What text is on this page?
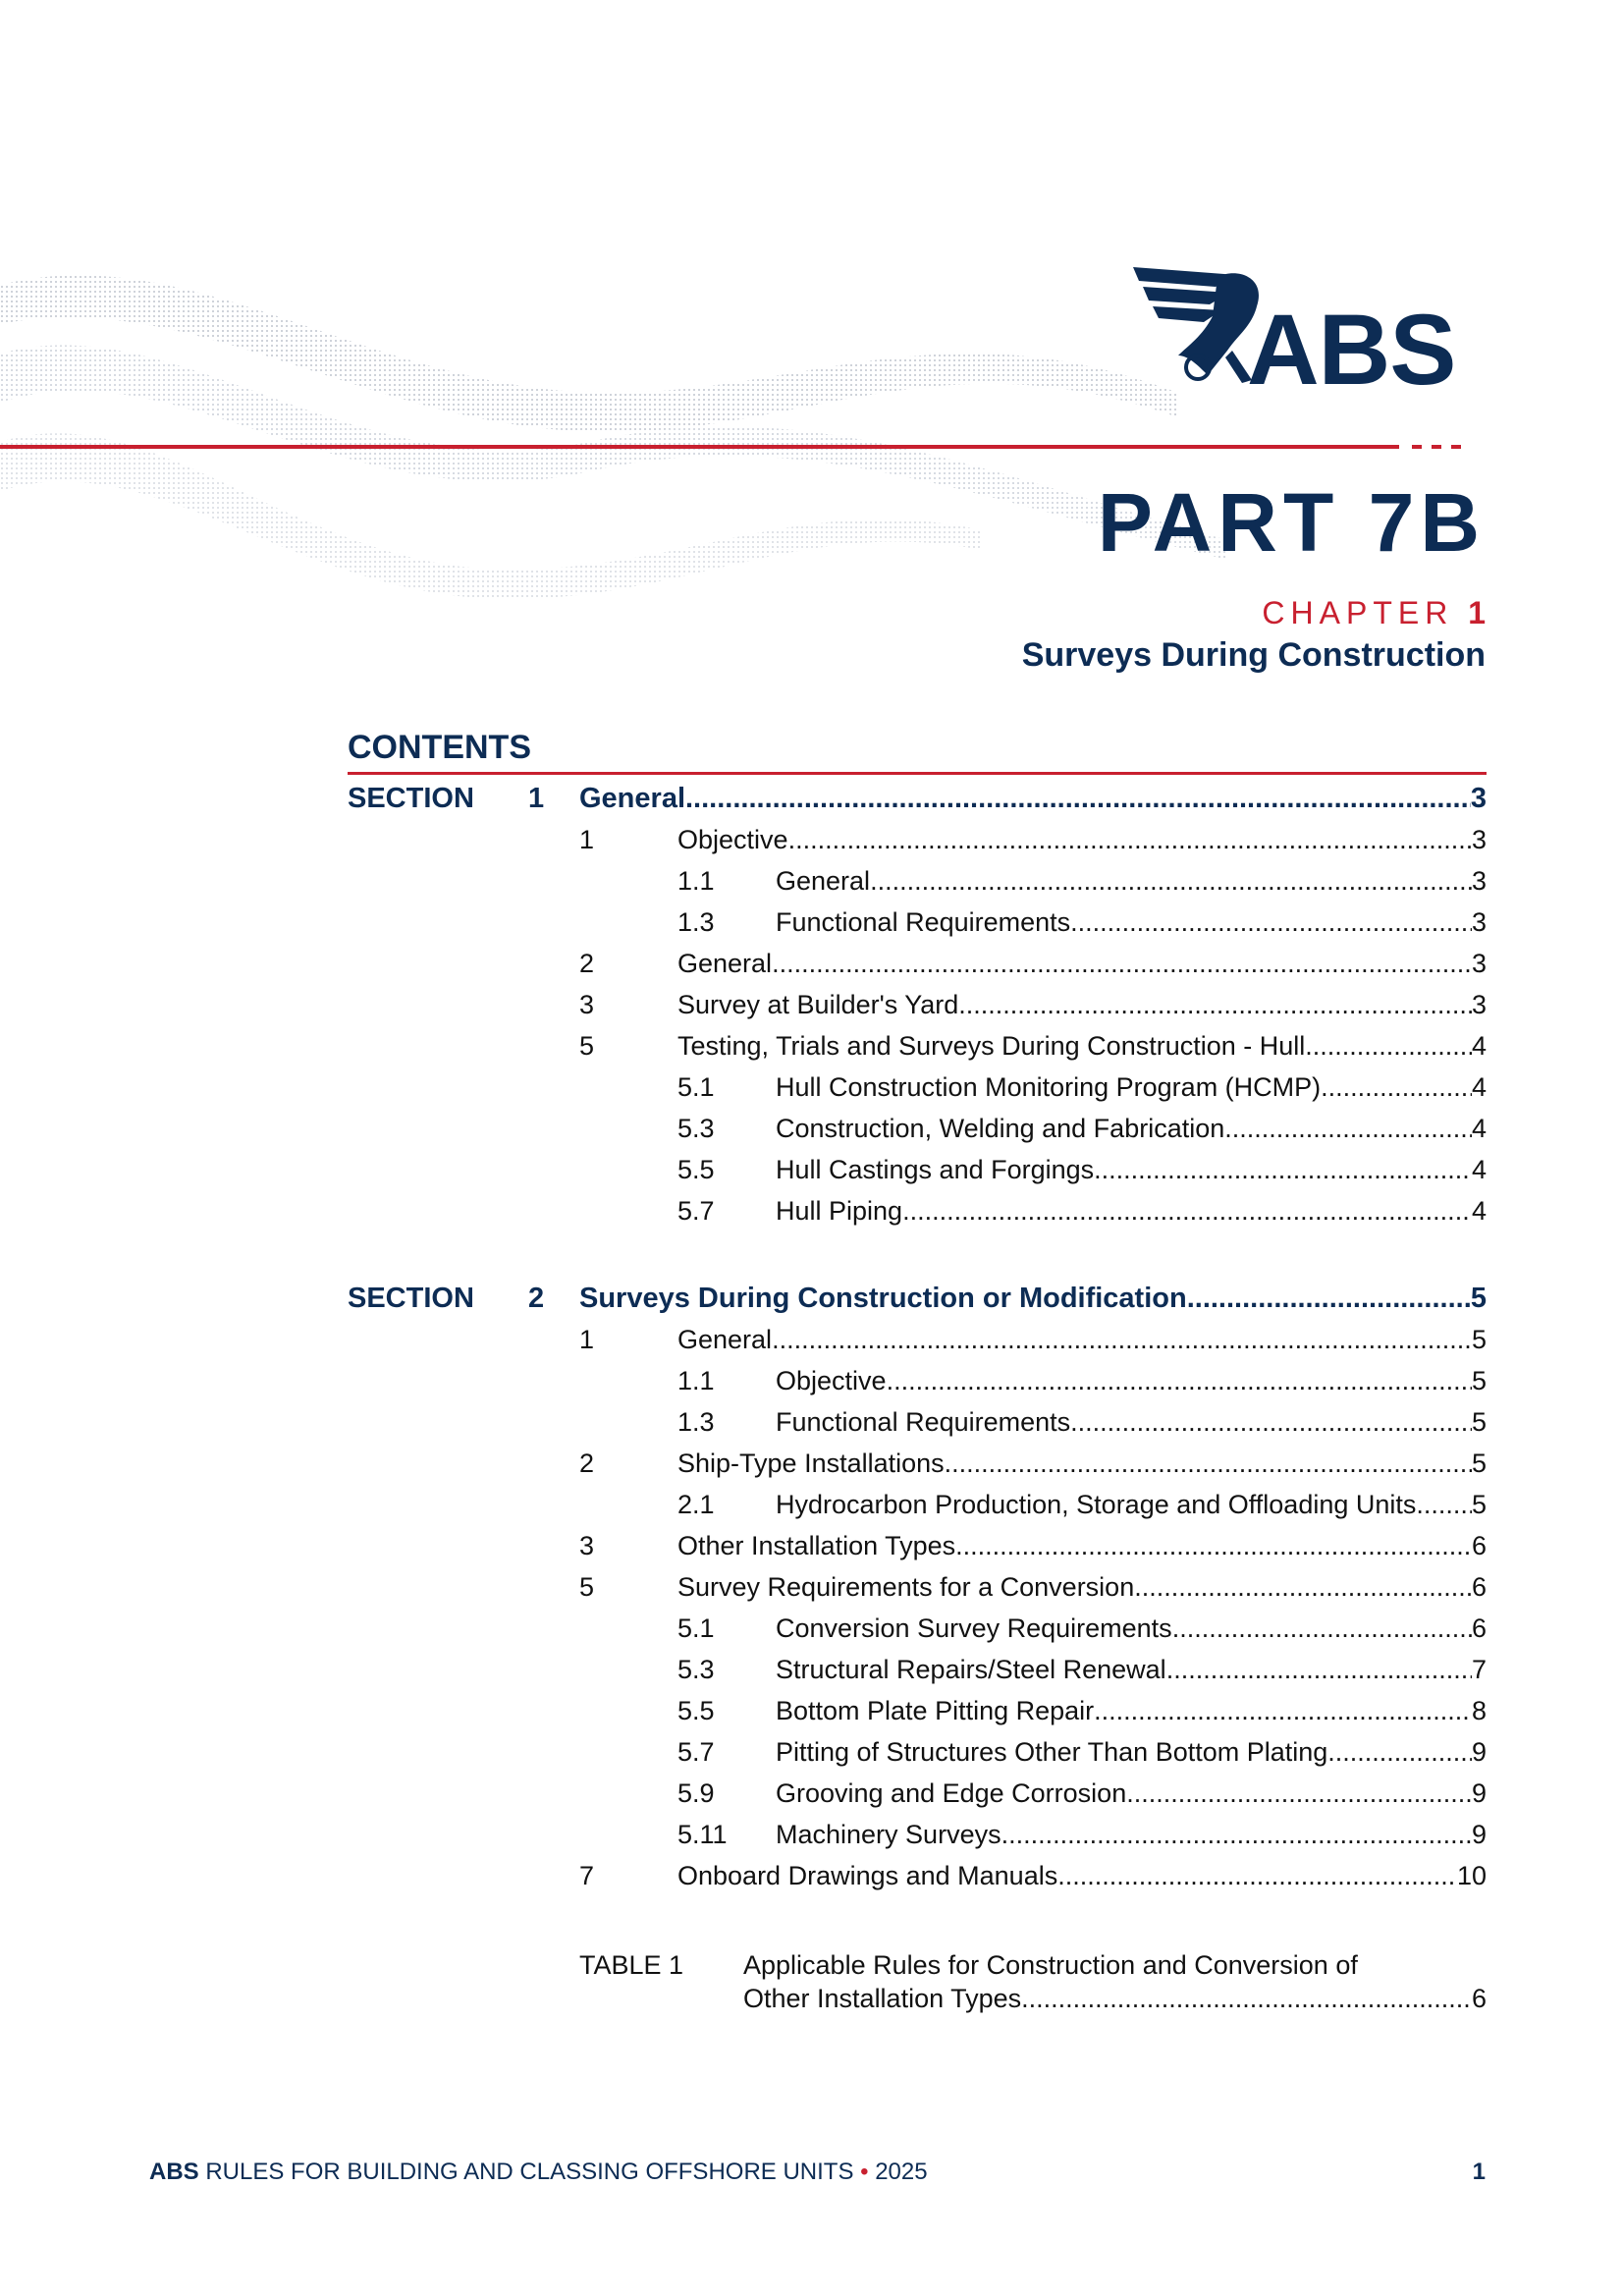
ABS
PART 7B
CHAPTER 1
Surveys During Construction
CONTENTS
SECTION 1 General .....	3
1	Objective .....	3
1.1 General .....	3
1.3 Functional Requirements .....	3
2	General .....	3
3	Survey at Builder's Yard .....	3
5	Testing, Trials and Surveys During Construction - Hull .....	4
5.1 Hull Construction Monitoring Program (HCMP) .....	4
5.3 Construction, Welding and Fabrication .....	4
5.5 Hull Castings and Forgings .....	4
5.7 Hull Piping .....	4
SECTION 2 Surveys During Construction or Modification .....	5
1	General .....	5
1.1 Objective .....	5
1.3 Functional Requirements .....	5
2	Ship-Type Installations .....	5
2.1 Hydrocarbon Production, Storage and Offloading Units ..... 5
3	Other Installation Types .....	6
5	Survey Requirements for a Conversion .....	6
5.1 Conversion Survey Requirements .....	6
5.3 Structural Repairs/Steel Renewal .....	7
5.5 Bottom Plate Pitting Repair .....	8
5.7 Pitting of Structures Other Than Bottom Plating .....	9
5.9 Grooving and Edge Corrosion .....	9
5.11 Machinery Surveys .....	9
7	Onboard Drawings and Manuals .....	10
TABLE 1 Applicable Rules for Construction and Conversion of
Other Installation Types .....	6
ABS RULES FOR BUILDING AND CLASSING OFFSHORE UNITS • 2025	1
